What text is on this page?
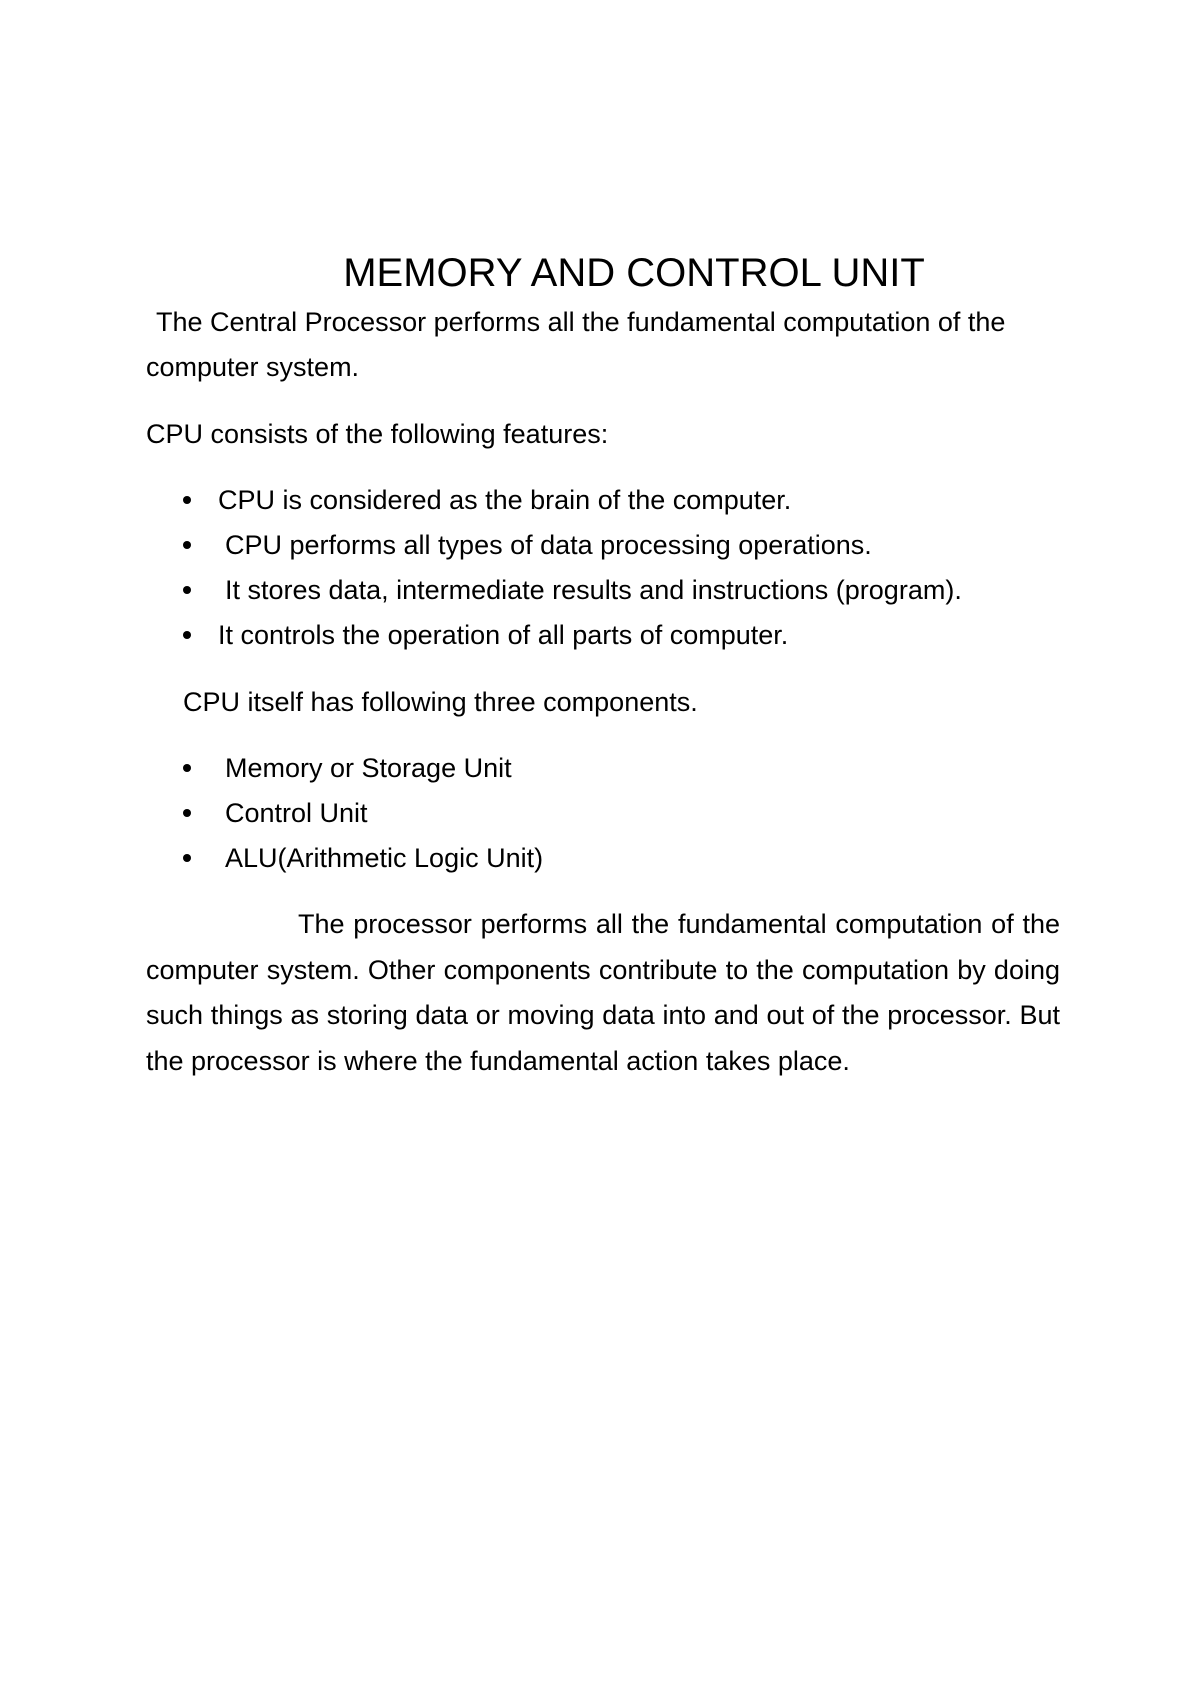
MEMORY AND CONTROL UNIT

The Central Processor performs all the fundamental computation of the computer system.

CPU consists of the following features:

CPU is considered as the brain of the computer.
CPU performs all types of data processing operations.
It stores data, intermediate results and instructions (program).
It controls the operation of all parts of computer.

CPU itself has following three components.

Memory or Storage Unit
Control Unit
ALU(Arithmetic Logic Unit)

The processor performs all the fundamental computation of the computer system. Other components contribute to the computation by doing such things as storing data or moving data into and out of the processor. But the processor is where the fundamental action takes place.
